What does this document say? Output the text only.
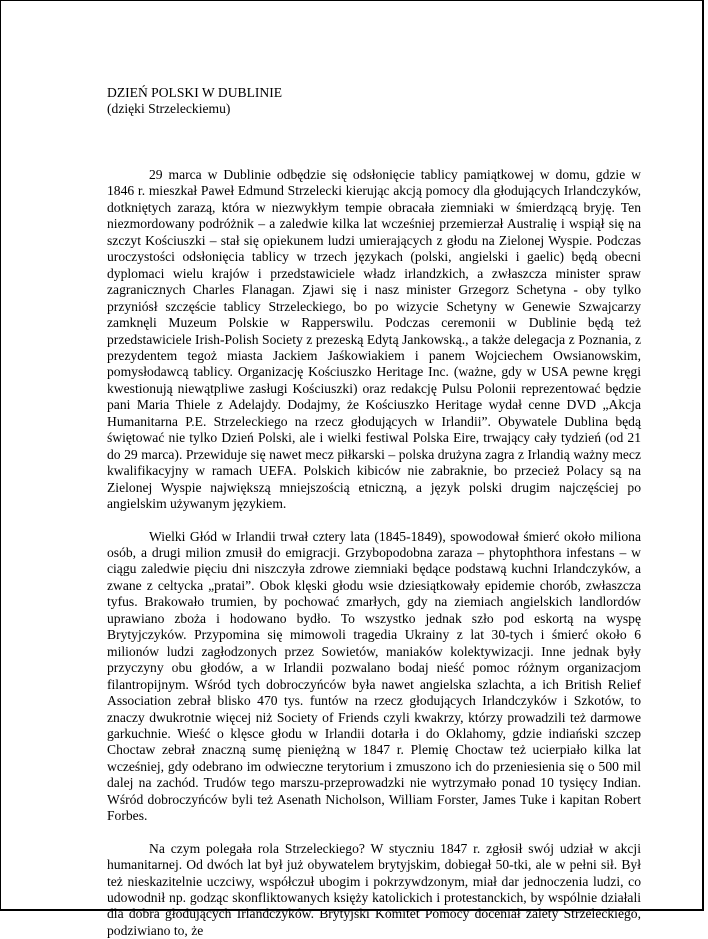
DZIEŃ POLSKI W DUBLINIE

(dzięki Strzeleckiemu)

29 marca w Dublinie odbędzie się odsłonięcie tablicy pamiątkowej w domu, gdzie w 1846 r. mieszkał Paweł Edmund Strzelecki kierując akcją pomocy dla głodujących Irlandczyków, dotkniętych zarazą, która w niezwykłym tempie obracała ziemniaki w śmierdzącą bryję. Ten niezmordowany podróżnik – a zaledwie kilka lat wcześniej przemierzał Australię i wspiął się na szczyt Kościuszki – stał się opiekunem ludzi umierających z głodu na Zielonej Wyspie. Podczas uroczystości odsłonięcia tablicy w trzech językach (polski, angielski i gaelic) będą obecni dyplomaci wielu krajów i przedstawiciele władz irlandzkich, a zwłaszcza minister spraw zagranicznych Charles Flanagan. Zjawi się i nasz minister Grzegorz Schetyna - oby tylko przyniósł szczęście tablicy Strzeleckiego, bo po wizycie Schetyny w Genewie Szwajcarzy zamknęli Muzeum Polskie w Rapperswilu. Podczas ceremonii w Dublinie będą też przedstawiciele Irish-Polish Society z prezeską Edytą Jankowską., a także delegacja z Poznania, z prezydentem tegoż miasta Jackiem Jaśkowiakiem i panem Wojciechem Owsianowskim, pomysłodawcą tablicy. Organizację Kościuszko Heritage Inc. (ważne, gdy w USA pewne kręgi kwestionują niewątpliwe zasługi Kościuszki) oraz redakcję Pulsu Polonii reprezentować będzie pani Maria Thiele z Adelajdy. Dodajmy, że Kościuszko Heritage wydał cenne DVD „Akcja Humanitarna P.E. Strzeleckiego na rzecz głodujących w Irlandii”. Obywatele Dublina będą świętować nie tylko Dzień Polski, ale i wielki festiwal Polska Eire, trwający cały tydzień (od 21 do 29 marca). Przewiduje się nawet mecz piłkarski – polska drużyna zagra z Irlandią ważny mecz kwalifikacyjny w ramach UEFA. Polskich kibiców nie zabraknie, bo przecież Polacy są na Zielonej Wyspie największą mniejszością etniczną, a język polski drugim najczęściej po angielskim używanym językiem.

Wielki Głód w Irlandii trwał cztery lata (1845-1849), spowodował śmierć około miliona osób, a drugi milion zmusił do emigracji. Grzybopodobna zaraza – phytophthora infestans – w ciągu zaledwie pięciu dni niszczyła zdrowe ziemniaki będące podstawą kuchni Irlandczyków, a zwane z celtycka „pratai”. Obok klęski głodu wsie dziesiątkowały epidemie chorób, zwłaszcza tyfus. Brakowało trumien, by pochować zmarłych, gdy na ziemiach angielskich landlordów uprawiano zboża i hodowano bydło. To wszystko jednak szło pod eskortą na wyspę Brytyjczyków. Przypomina się mimowoli tragedia Ukrainy z lat 30-tych i śmierć około 6 milionów ludzi zagłodzonych przez Sowietów, maniaków kolektywizacji. Inne jednak były przyczyny obu głodów, a w Irlandii pozwalano bodaj nieść pomoc różnym organizacjom filantropijnym. Wśród tych dobroczyńców była nawet angielska szlachta, a ich British Relief Association zebrał blisko 470 tys. funtów na rzecz głodujących Irlandczyków i Szkotów, to znaczy dwukrotnie więcej niż Society of Friends czyli kwakrzy, którzy prowadzili też darmowe garkuchnie. Wieść o klęsce głodu w Irlandii dotarła i do Oklahomy, gdzie indiański szczep Choctaw zebrał znaczną sumę pieniężną w 1847 r. Plemię Choctaw też ucierpiało kilka lat wcześniej, gdy odebrano im odwieczne terytorium i zmuszono ich do przeniesienia się o 500 mil dalej na zachód. Trudów tego marszu-przeprowadzki nie wytrzymało ponad 10 tysięcy Indian. Wśród dobroczyńców byli też Asenath Nicholson, William Forster, James Tuke i kapitan Robert Forbes.

Na czym polegała rola Strzeleckiego? W styczniu 1847 r. zgłosił swój udział w akcji humanitarnej. Od dwóch lat był już obywatelem brytyjskim, dobiegał 50-tki, ale w pełni sił. Był też nieskazitelnie uczciwy, współczuł ubogim i pokrzywdzonym, miał dar jednoczenia ludzi, co udowodnił np. godząc skonfliktowanych księży katolickich i protestanckich, by wspólnie działali dla dobra głodujących Irlandczyków. Brytyjski Komitet Pomocy doceniał zalety Strzeleckiego, podziwiano to, że
